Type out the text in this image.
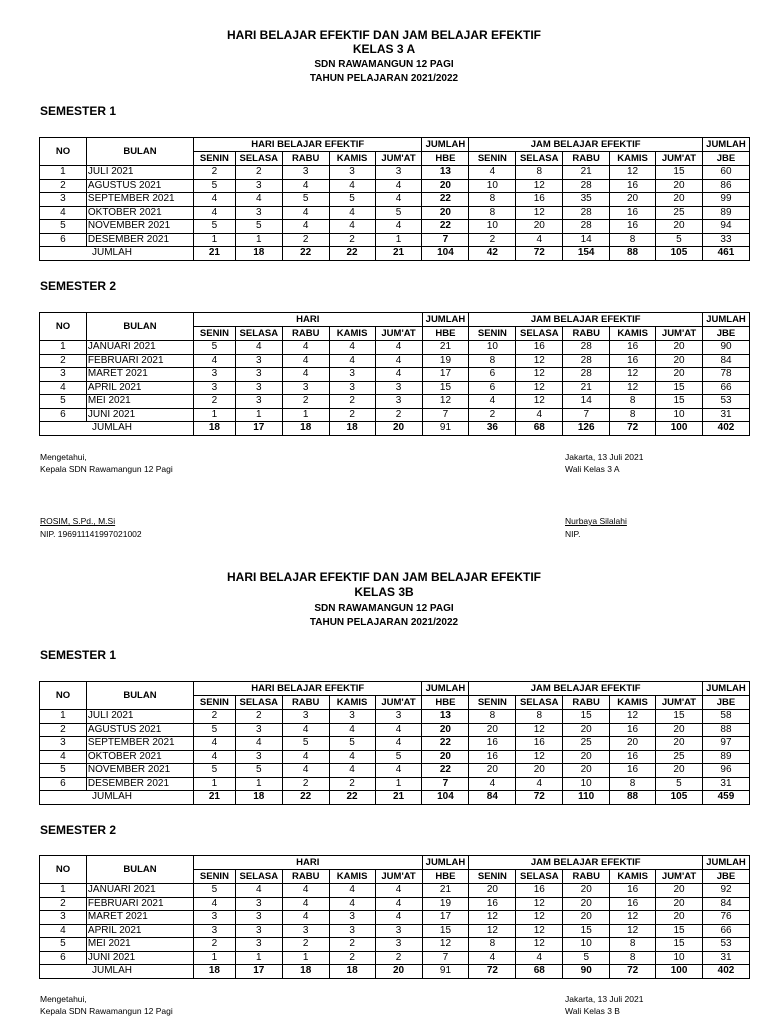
HARI BELAJAR EFEKTIF DAN JAM BELAJAR EFEKTIF
KELAS 3 A
SDN RAWAMANGUN 12 PAGI
TAHUN PELAJARAN 2021/2022
SEMESTER 1
NO	BULAN	HARI BELAJAR EFEKTIF					JUMLAH	JAM BELAJAR EFEKTIF					JUMLAH
		SENIN	SELASA	RABU	KAMIS	JUM'AT	HBE	SENIN	SELASA	RABU	KAMIS	JUM'AT	JBE
1	JULI 2021	2	2	3	3	3	13	4	8	21	12	15	60
2	AGUSTUS 2021	5	3	4	4	4	20	10	12	28	16	20	86
3	SEPTEMBER 2021	4	4	5	5	4	22	8	16	35	20	20	99
4	OKTOBER 2021	4	3	4	4	5	20	8	12	28	16	25	89
5	NOVEMBER 2021	5	5	4	4	4	22	10	20	28	16	20	94
6	DESEMBER 2021	1	1	2	2	1	7	2	4	14	8	5	33
JUMLAH		21	18	22	22	21	104	42	72	154	88	105	461
SEMESTER 2
NO	BULAN	HARI					JUMLAH	JAM BELAJAR EFEKTIF					JUMLAH
		SENIN	SELASA	RABU	KAMIS	JUM'AT	HBE	SENIN	SELASA	RABU	KAMIS	JUM'AT	JBE
1	JANUARI 2021	5	4	4	4	4	21	10	16	28	16	20	90
2	FEBRUARI 2021	4	3	4	4	4	19	8	12	28	16	20	84
3	MARET 2021	3	3	4	3	4	17	6	12	28	12	20	78
4	APRIL 2021	3	3	3	3	3	15	6	12	21	12	15	66
5	MEI 2021	2	3	2	2	3	12	4	12	14	8	15	53
6	JUNI 2021	1	1	1	2	2	7	2	4	7	8	10	31
JUMLAH		18	17	18	18	20	91	36	68	126	72	100	402
Mengetahui,
Kepala SDN Rawamangun 12 Pagi
Jakarta, 13 Juli 2021
Wali Kelas 3 A
ROSIM, S.Pd., M.Si
NIP. 196911141997021002
Nurbaya Silalahi
NIP.
HARI BELAJAR EFEKTIF DAN JAM BELAJAR EFEKTIF
KELAS 3B
SDN RAWAMANGUN 12 PAGI
TAHUN PELAJARAN 2021/2022
SEMESTER 1
NO	BULAN	HARI BELAJAR EFEKTIF					JUMLAH	JAM BELAJAR EFEKTIF					JUMLAH
		SENIN	SELASA	RABU	KAMIS	JUM'AT	HBE	SENIN	SELASA	RABU	KAMIS	JUM'AT	JBE
1	JULI 2021	2	2	3	3	3	13	8	8	15	12	15	58
2	AGUSTUS 2021	5	3	4	4	4	20	20	12	20	16	20	88
3	SEPTEMBER 2021	4	4	5	5	4	22	16	16	25	20	20	97
4	OKTOBER 2021	4	3	4	4	5	20	16	12	20	16	25	89
5	NOVEMBER 2021	5	5	4	4	4	22	20	20	20	16	20	96
6	DESEMBER 2021	1	1	2	2	1	7	4	4	10	8	5	31
JUMLAH		21	18	22	22	21	104	84	72	110	88	105	459
SEMESTER 2
NO	BULAN	HARI					JUMLAH	JAM BELAJAR EFEKTIF					JUMLAH
		SENIN	SELASA	RABU	KAMIS	JUM'AT	HBE	SENIN	SELASA	RABU	KAMIS	JUM'AT	JBE
1	JANUARI 2021	5	4	4	4	4	21	20	16	20	16	20	92
2	FEBRUARI 2021	4	3	4	4	4	19	16	12	20	16	20	84
3	MARET 2021	3	3	4	3	4	17	12	12	20	12	20	76
4	APRIL 2021	3	3	3	3	3	15	12	12	15	12	15	66
5	MEI 2021	2	3	2	2	3	12	8	12	10	8	15	53
6	JUNI 2021	1	1	1	2	2	7	4	4	5	8	10	31
JUMLAH		18	17	18	18	20	91	72	68	90	72	100	402
Mengetahui,
Kepala SDN Rawamangun 12 Pagi
Jakarta, 13 Juli 2021
Wali Kelas 3 B
